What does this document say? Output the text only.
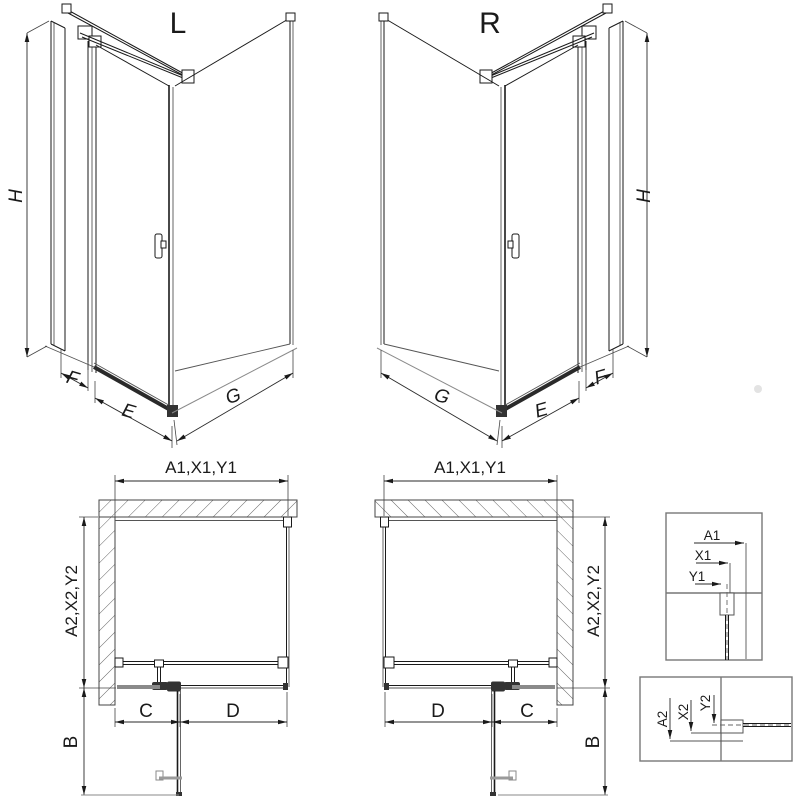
L	R
H
F
E
G
H
F
E
G
A1,X1,Y1
A2,X2,Y2
C	D
B
A1,X1,Y1
A2,X2,Y2
D	C
B
A1
X1
Y1
A2 X2
Y2
